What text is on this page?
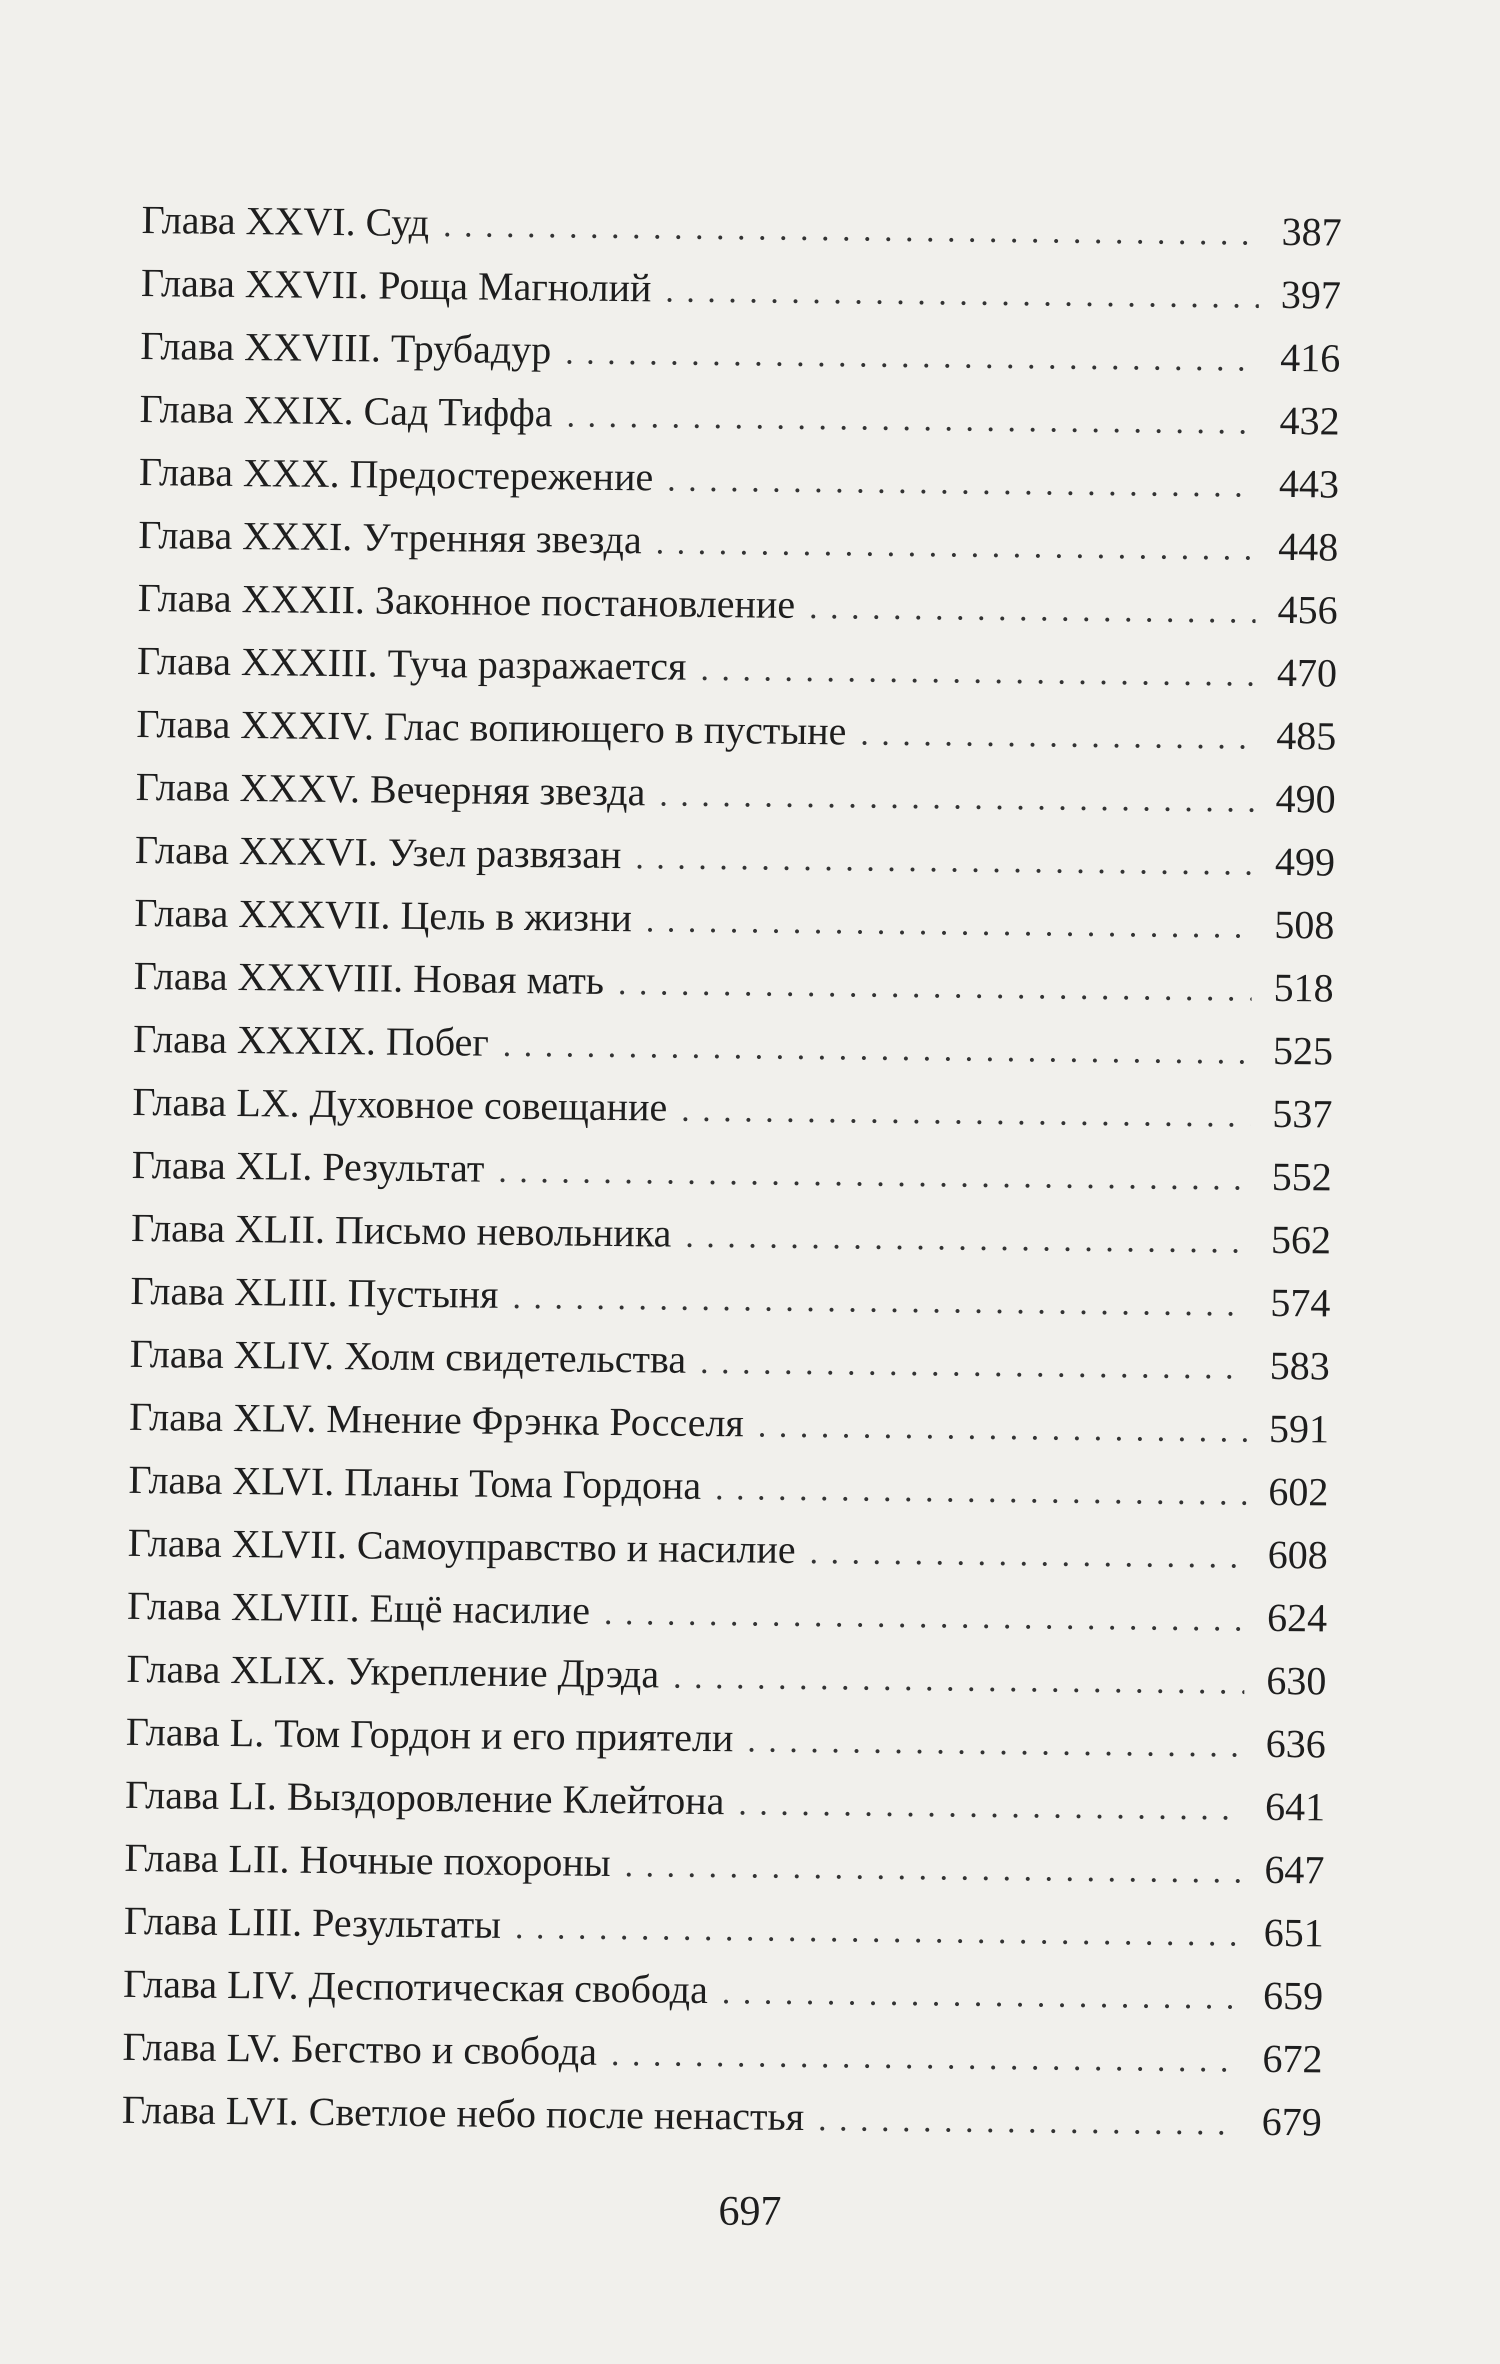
Глава XXVI. Суд . . .	387
Глава XXVII. Роща Магнолий . . .	397
Глава XXVIII. Трубадур . . .	416
Глава XXIX. Сад Тиффа . . .	432
Глава XXX. Предостережение . . .	443
Глава XXXI. Утренняя звезда . . .	448
Глава XXXII. Законное постановление . . .	456
Глава XXXIII. Туча разражается . . .	470
Глава XXXIV. Глас вопиющего в пустыне . . .	485
Глава XXXV. Вечерняя звезда . . .	490
Глава XXXVI. Узел развязан . . .	499
Глава XXXVII. Цель в жизни . . .	508
Глава XXXVIII. Новая мать . . .	518
Глава XXXIX. Побег . . .	525
Глава LX. Духовное совещание . . .	537
Глава XLI. Результат . . .	552
Глава XLII. Письмо невольника . . .	562
Глава XLIII. Пустыня . . .	574
Глава XLIV. Холм свидетельства . . .	583
Глава XLV. Мнение Фрэнка Росселя . . .	591
Глава XLVI. Планы Тома Гордона . . .	602
Глава XLVII. Самоуправство и насилие . . .	608
Глава XLVIII. Ещё насилие . . .	624
Глава XLIX. Укрепление Дрэда . . .	630
Глава L. Том Гордон и его приятели . . .	636
Глава LI. Выздоровление Клейтона . . .	641
Глава LII. Ночные похороны . . .	647
Глава LIII. Результаты . . .	651
Глава LIV. Деспотическая свобода . . .	659
Глава LV. Бегство и свобода . . .	672
Глава LVI. Светлое небо после ненастья . . .	679
697
